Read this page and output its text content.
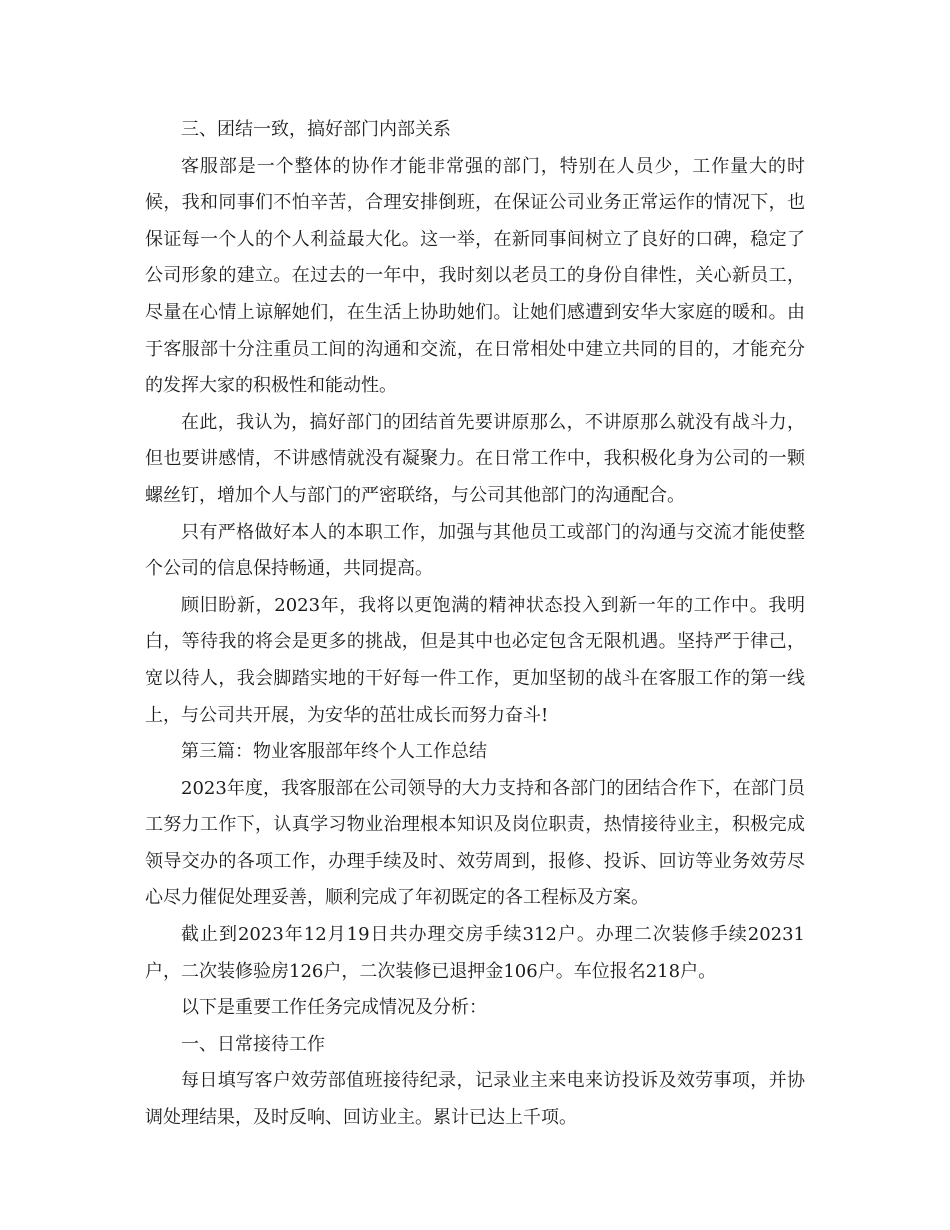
三、团结一致，搞好部门内部关系

客服部是一个整体的协作才能非常强的部门，特别在人员少，工作量大的时候，我和同事们不怕辛苦，合理安排倒班，在保证公司业务正常运作的情况下，也保证每一个人的个人利益最大化。这一举，在新同事间树立了良好的口碑，稳定了公司形象的建立。在过去的一年中，我时刻以老员工的身份自律性，关心新员工，尽量在心情上谅解她们，在生活上协助她们。让她们感遭到安华大家庭的暖和。由于客服部十分注重员工间的沟通和交流，在日常相处中建立共同的目的，才能充分的发挥大家的积极性和能动性。

在此，我认为，搞好部门的团结首先要讲原那么，不讲原那么就没有战斗力，但也要讲感情，不讲感情就没有凝聚力。在日常工作中，我积极化身为公司的一颗螺丝钉，增加个人与部门的严密联络，与公司其他部门的沟通配合。

只有严格做好本人的本职工作，加强与其他员工或部门的沟通与交流才能使整个公司的信息保持畅通，共同提高。

顾旧盼新，2023年，我将以更饱满的精神状态投入到新一年的工作中。我明白，等待我的将会是更多的挑战，但是其中也必定包含无限机遇。坚持严于律己，宽以待人，我会脚踏实地的干好每一件工作，更加坚韧的战斗在客服工作的第一线上，与公司共开展，为安华的茁壮成长而努力奋斗!

第三篇：物业客服部年终个人工作总结

2023年度，我客服部在公司领导的大力支持和各部门的团结合作下，在部门员工努力工作下，认真学习物业治理根本知识及岗位职责，热情接待业主，积极完成领导交办的各项工作，办理手续及时、效劳周到，报修、投诉、回访等业务效劳尽心尽力催促处理妥善，顺利完成了年初既定的各工程标及方案。

截止到2023年12月19日共办理交房手续312户。办理二次装修手续20231户，二次装修验房126户，二次装修已退押金106户。车位报名218户。

以下是重要工作任务完成情况及分析：

一、日常接待工作

每日填写客户效劳部值班接待纪录，记录业主来电来访投诉及效劳事项，并协调处理结果，及时反响、回访业主。累计已达上千项。
